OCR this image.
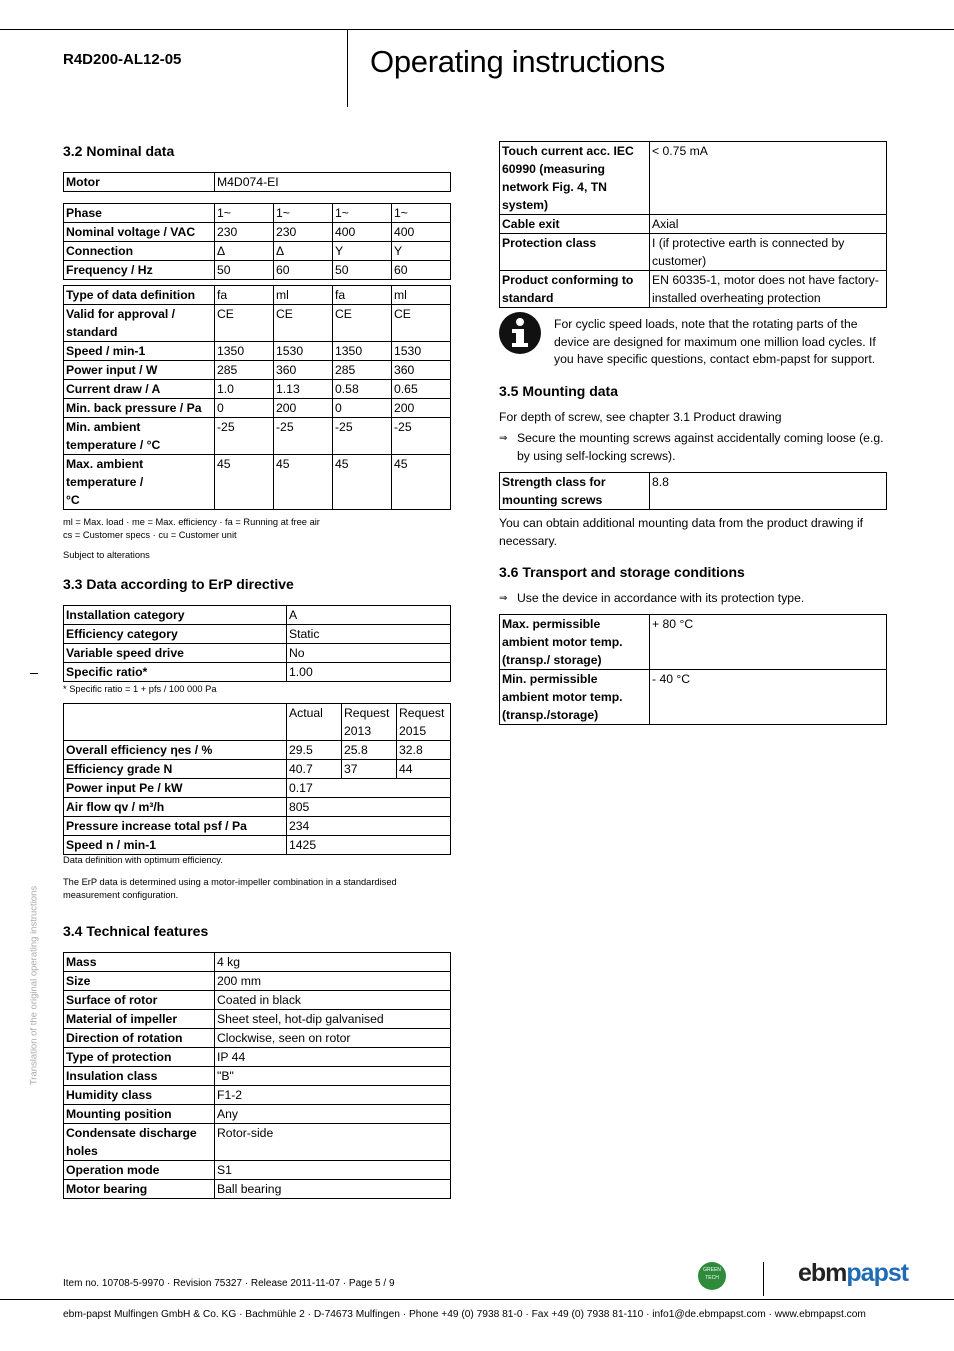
R4D200-AL12-05	Operating instructions
3.2 Nominal data
Motor	M4D074-EI
Phase	1~	1~	1~	1~
Nominal voltage / VAC	230	230	400	400
Connection	Δ	Δ	Y	Y
Frequency / Hz	50	60	50	60
Type of data definition	fa	ml	fa	ml
Valid for approval / standard	CE	CE	CE	CE
Speed / min-1	1350	1530	1350	1530
Power input / W	285	360	285	360
Current draw / A	1.0	1.13	0.58	0.65
Min. back pressure / Pa	0	200	0	200
Min. ambient temperature / °C	-25	-25	-25	-25
Max. ambient temperature / °C	45	45	45	45
ml = Max. load · me = Max. efficiency · fa = Running at free air
cs = Customer specs · cu = Customer unit
Subject to alterations
3.3 Data according to ErP directive
Installation category	A
Efficiency category	Static
Variable speed drive	No
Specific ratio*	1.00
* Specific ratio = 1 + pfs / 100 000 Pa
	Actual	Request 2013	Request 2015
Overall efficiency ηes / %	29.5	25.8	32.8
Efficiency grade N	40.7	37	44
Power input Pe / kW	0.17		
Air flow qv / m³/h	805		
Pressure increase total psf / Pa	234		
Speed n / min-1	1425		
Data definition with optimum efficiency.
The ErP data is determined using a motor-impeller combination in a standardised measurement configuration.
3.4 Technical features
Mass	4 kg
Size	200 mm
Surface of rotor	Coated in black
Material of impeller	Sheet steel, hot-dip galvanised
Direction of rotation	Clockwise, seen on rotor
Type of protection	IP 44
Insulation class	"B"
Humidity class	F1-2
Mounting position	Any
Condensate discharge holes	Rotor-side
Operation mode	S1
Motor bearing	Ball bearing
Touch current acc. IEC 60990 (measuring network Fig. 4, TN system)	< 0.75 mA
Cable exit	Axial
Protection class	I (if protective earth is connected by customer)
Product conforming to standard	EN 60335-1, motor does not have factory-installed overheating protection
For cyclic speed loads, note that the rotating parts of the device are designed for maximum one million load cycles. If you have specific questions, contact ebm-papst for support.
3.5 Mounting data
For depth of screw, see chapter 3.1 Product drawing
⇒ Secure the mounting screws against accidentally coming loose (e.g. by using self-locking screws).
Strength class for mounting screws	8.8
You can obtain additional mounting data from the product drawing if necessary.
3.6 Transport and storage conditions
⇒ Use the device in accordance with its protection type.
Max. permissible ambient motor temp. (transp./ storage)	+ 80 °C
Min. permissible ambient motor temp. (transp./storage)	- 40 °C
Translation of the original operating instructions
Item no. 10708-5-9970 · Revision 75327 · Release 2011-11-07 · Page 5 / 9
GREEN TECH	ebmpapst
ebm-papst Mulfingen GmbH & Co. KG · Bachmühle 2 · D-74673 Mulfingen · Phone +49 (0) 7938 81-0 · Fax +49 (0) 7938 81-110 · info1@de.ebmpapst.com · www.ebmpapst.com
